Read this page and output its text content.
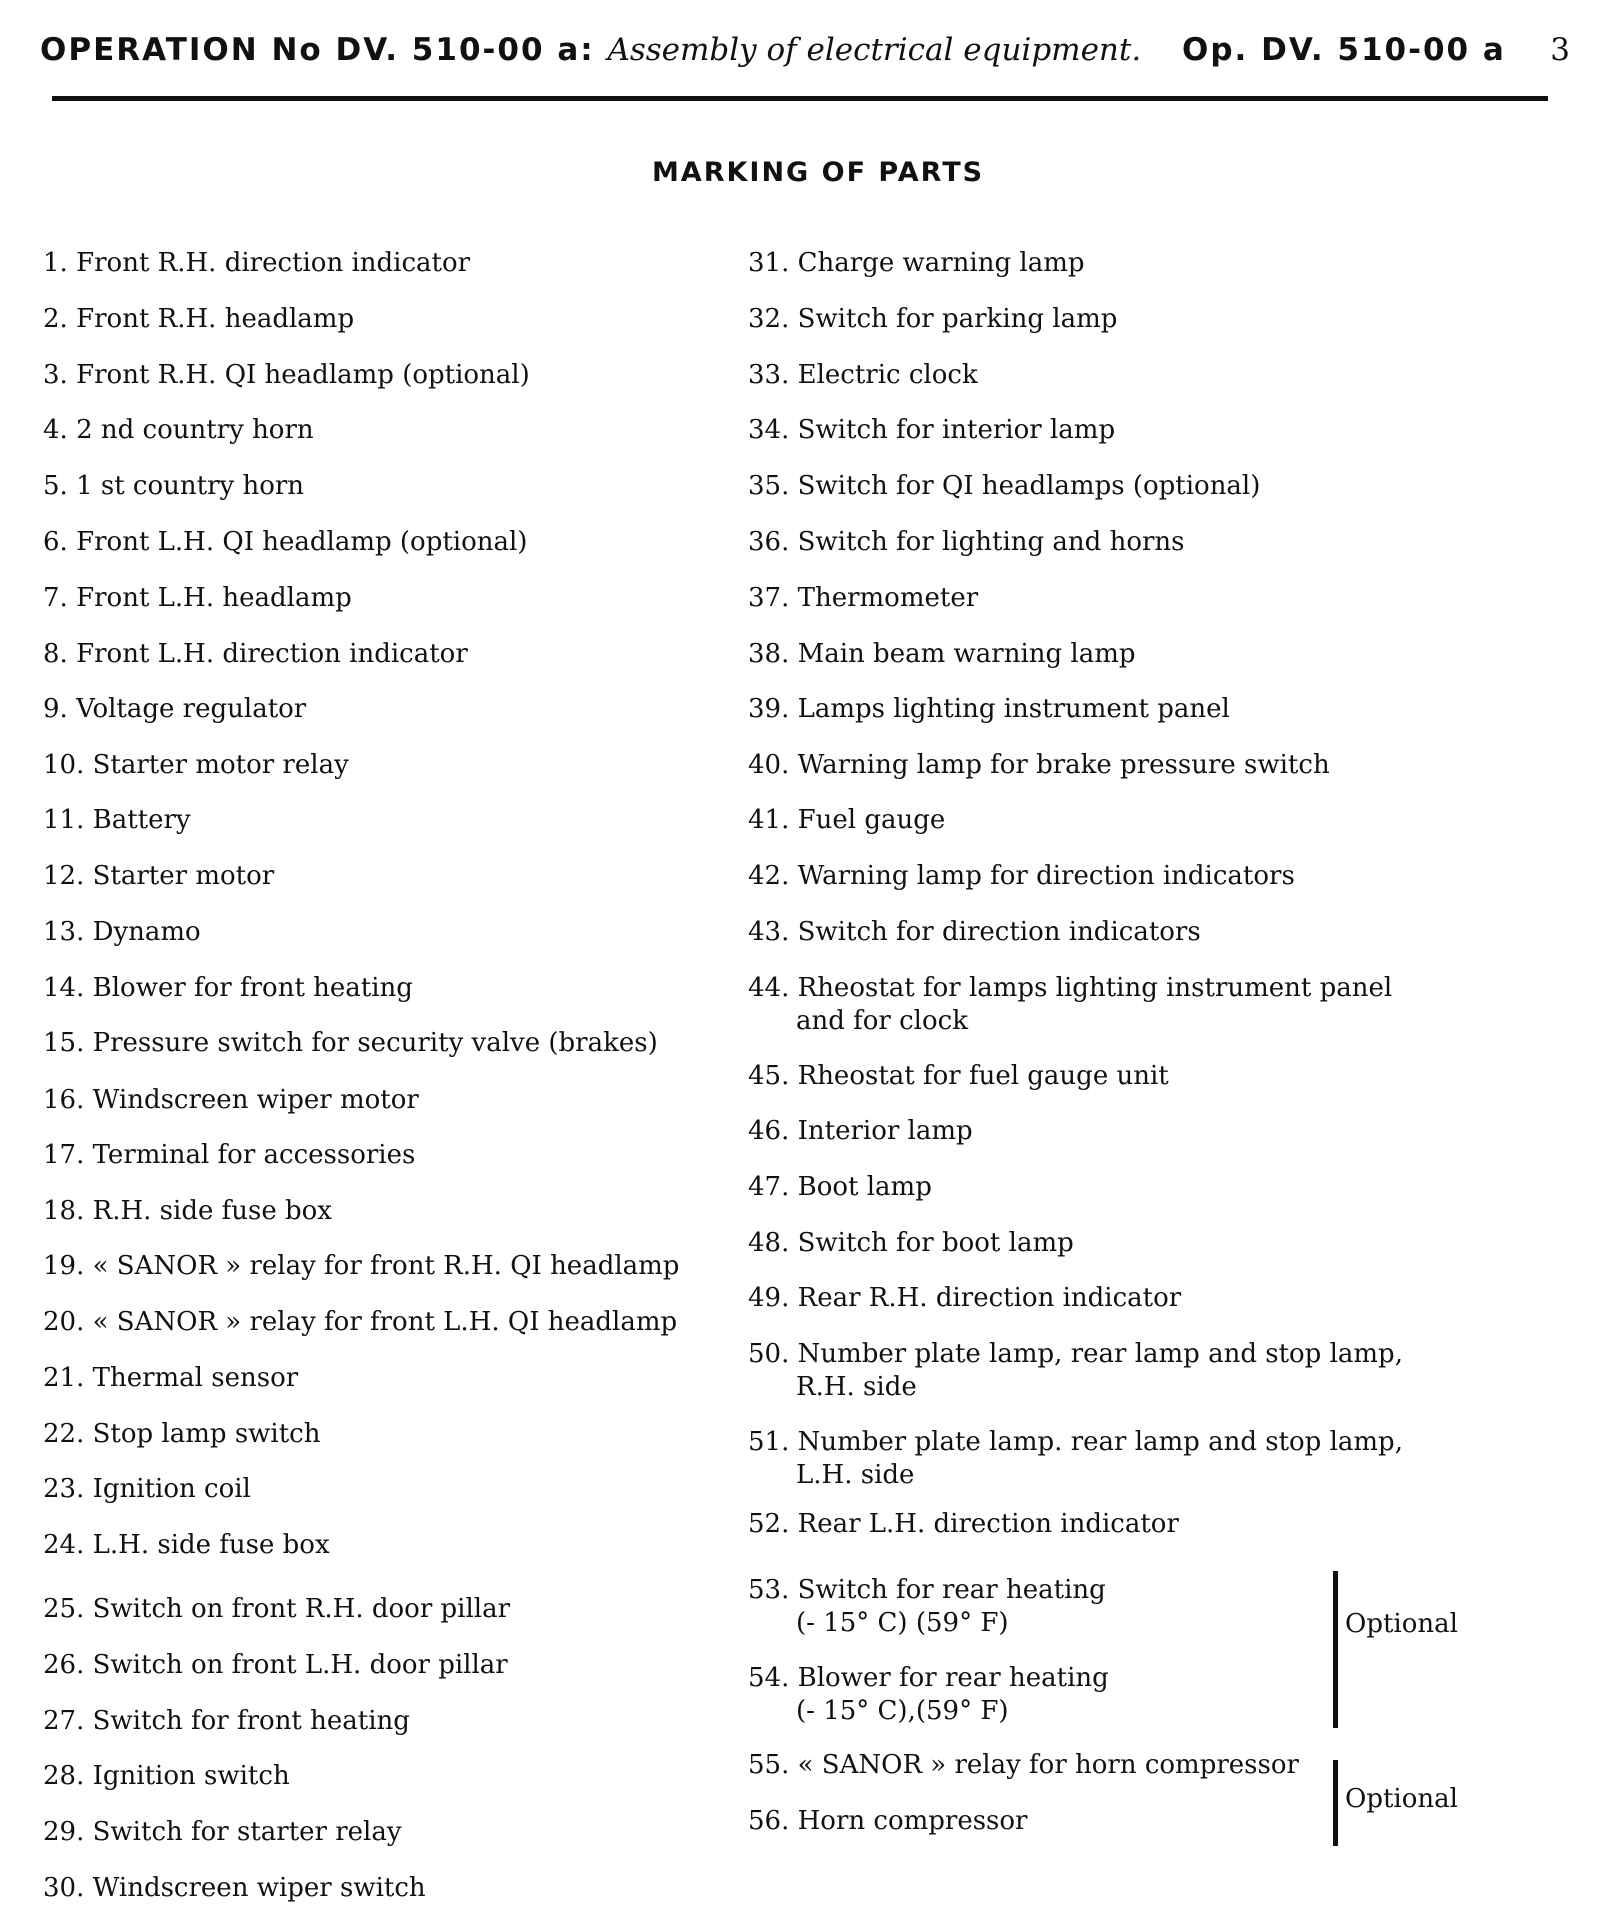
OPERATION No DV. 510-00 a: Assembly of electrical equipment. Op. DV. 510-00 a 3
MARKING OF PARTS
1. Front R.H. direction indicator
2. Front R.H. headlamp
3. Front R.H. QI headlamp (optional)
4. 2 nd country horn
5. 1 st country horn
6. Front L.H. QI headlamp (optional)
7. Front L.H. headlamp
8. Front L.H. direction indicator
9. Voltage regulator
10. Starter motor relay
11. Battery
12. Starter motor
13. Dynamo
14. Blower for front heating
15. Pressure switch for security valve (brakes)
16. Windscreen wiper motor
17. Terminal for accessories
18. R.H. side fuse box
19. « SANOR » relay for front R.H. QI headlamp
20. « SANOR » relay for front L.H. QI headlamp
21. Thermal sensor
22. Stop lamp switch
23. Ignition coil
24. L.H. side fuse box
25. Switch on front R.H. door pillar
26. Switch on front L.H. door pillar
27. Switch for front heating
28. Ignition switch
29. Switch for starter relay
30. Windscreen wiper switch
31. Charge warning lamp
32. Switch for parking lamp
33. Electric clock
34. Switch for interior lamp
35. Switch for QI headlamps (optional)
36. Switch for lighting and horns
37. Thermometer
38. Main beam warning lamp
39. Lamps lighting instrument panel
40. Warning lamp for brake pressure switch
41. Fuel gauge
42. Warning lamp for direction indicators
43. Switch for direction indicators
44. Rheostat for lamps lighting instrument panel
and for clock
45. Rheostat for fuel gauge unit
46. Interior lamp
47. Boot lamp
48. Switch for boot lamp
49. Rear R.H. direction indicator
50. Number plate lamp, rear lamp and stop lamp,
R.H. side
51. Number plate lamp. rear lamp and stop lamp,
L.H. side
52. Rear L.H. direction indicator
53. Switch for rear heating
(- 15° C) (59° F)
54. Blower for rear heating
(- 15° C),(59° F)
55. « SANOR » relay for horn compressor
56. Horn compressor
Optional
Optional
